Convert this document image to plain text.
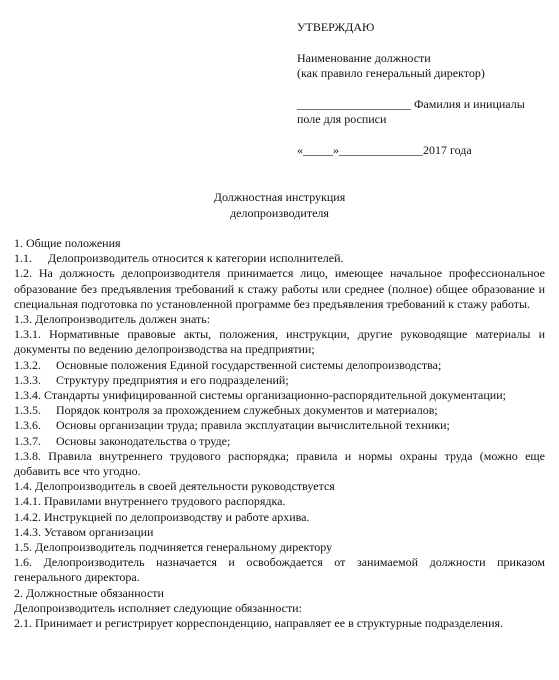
УТВЕРЖДАЮ
Наименование должности
(как правило генеральный директор)
___________________ Фамилия и инициалы
поле для росписи
«_____»______________2017 года
Должностная инструкция
делопроизводителя

1. Общие положения

1.1.	Делопроизводитель относится к категории исполнителей.

1.2. На должность делопроизводителя принимается лицо, имеющее начальное профессиональное образование без предъявления требований к стажу работы или среднее (полное) общее образование и специальная подготовка по установленной программе без предъявления требований к стажу работы.

1.3. Делопроизводитель должен знать:

1.3.1. Нормативные правовые акты, положения, инструкции, другие руководящие материалы и документы по ведению делопроизводства на предприятии;

1.3.2.	Основные положения Единой государственной системы делопроизводства;
1.3.3.	Структуру предприятия и его подразделений;

1.3.4. Стандарты унифицированной системы организационно-распорядительной документации;

1.3.5.	Порядок контроля за прохождением служебных документов и материалов;
1.3.6.	Основы организации труда; правила эксплуатации вычислительной техники;
1.3.7.	Основы законодательства о труде;

1.3.8. Правила внутреннего трудового распорядка; правила и нормы охраны труда (можно еще добавить все что угодно.

1.4. Делопроизводитель в своей деятельности руководствуется

1.4.1. Правилами внутреннего трудового распорядка.

1.4.2. Инструкцией по делопроизводству и работе архива.

1.4.3. Уставом организации

1.5. Делопроизводитель подчиняется генеральному директору

1.6. Делопроизводитель назначается и освобождается от занимаемой должности приказом генерального директора.

2. Должностные обязанности

Делопроизводитель исполняет следующие обязанности:

2.1. Принимает и регистрирует корреспонденцию, направляет ее в структурные подразделения.
